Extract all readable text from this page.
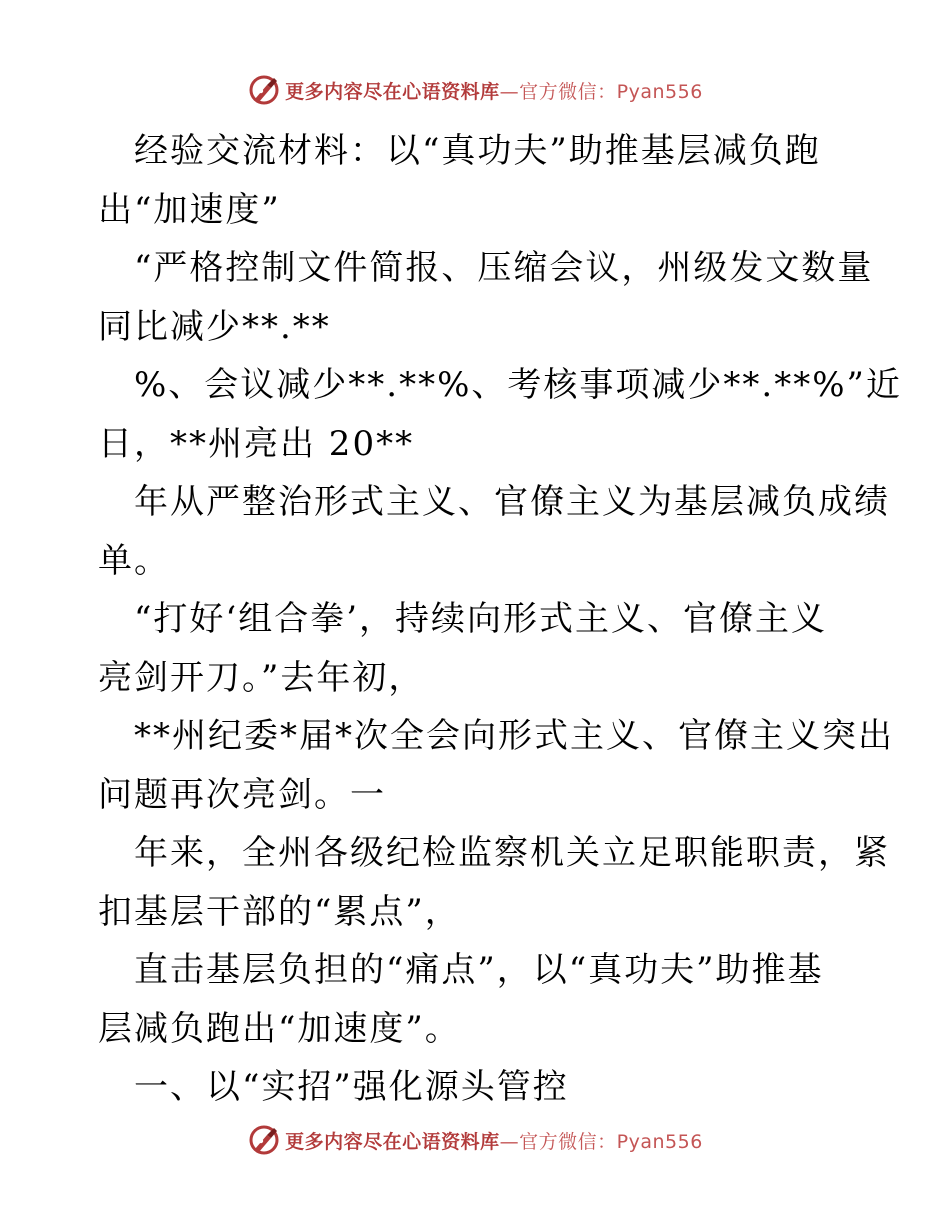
更多内容尽在心语资料库—官方微信：Pyan556
经验交流材料：以“真功夫”助推基层减负跑
出“加速度”
“严格控制文件简报、压缩会议，州级发文数量
同比减少**.**
%、会议减少**.**%、考核事项减少**.**%”近
日，**州亮出 20**
年从严整治形式主义、官僚主义为基层减负成绩
单。
“打好‘组合拳’，持续向形式主义、官僚主义
亮剑开刀。”去年初，
**州纪委*届*次全会向形式主义、官僚主义突出
问题再次亮剑。一
年来，全州各级纪检监察机关立足职能职责，紧
扣基层干部的“累点”，
直击基层负担的“痛点”，以“真功夫”助推基
层减负跑出“加速度”。
一、以“实招”强化源头管控
更多内容尽在心语资料库—官方微信：Pyan556
